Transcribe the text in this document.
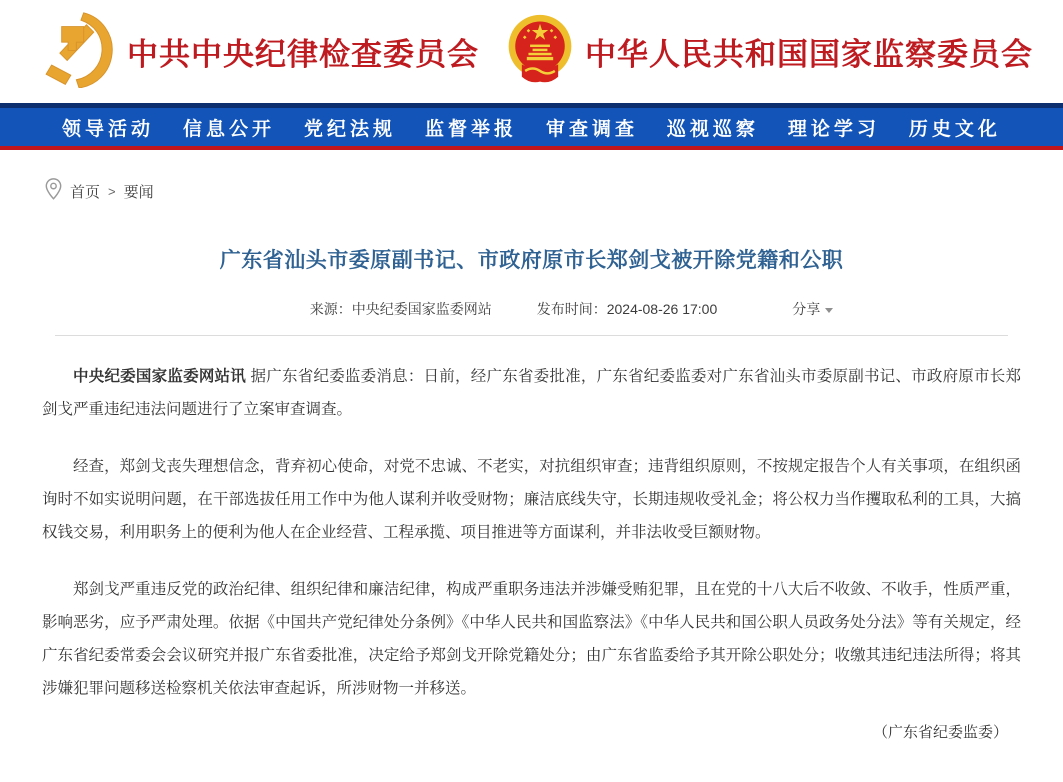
中共中央纪律检查委员会	中华人民共和国国家监察委员会
领导活动 信息公开 党纪法规 监督举报 审查调查 巡视巡察 理论学习 历史文化
首页 > 要闻
广东省汕头市委原副书记、市政府原市长郑剑戈被开除党籍和公职
来源：中央纪委国家监委网站	发布时间：2024-08-26 17:00	分享

中央纪委国家监委网站讯 据广东省纪委监委消息：日前，经广东省委批准，广东省纪委监委对广东省汕头市委原副书记、市政府原市长郑剑戈严重违纪违法问题进行了立案审查调查。

经查，郑剑戈丧失理想信念，背弃初心使命，对党不忠诚、不老实，对抗组织审查；违背组织原则，不按规定报告个人有关事项，在组织函询时不如实说明问题，在干部选拔任用工作中为他人谋利并收受财物；廉洁底线失守，长期违规收受礼金；将公权力当作攫取私利的工具，大搞权钱交易，利用职务上的便利为他人在企业经营、工程承揽、项目推进等方面谋利，并非法收受巨额财物。

郑剑戈严重违反党的政治纪律、组织纪律和廉洁纪律，构成严重职务违法并涉嫌受贿犯罪，且在党的十八大后不收敛、不收手，性质严重，影响恶劣，应予严肃处理。依据《中国共产党纪律处分条例》《中华人民共和国监察法》《中华人民共和国公职人员政务处分法》等有关规定，经广东省纪委常委会会议研究并报广东省委批准，决定给予郑剑戈开除党籍处分；由广东省监委给予其开除公职处分；收缴其违纪违法所得；将其涉嫌犯罪问题移送检察机关依法审查起诉，所涉财物一并移送。

（广东省纪委监委）
